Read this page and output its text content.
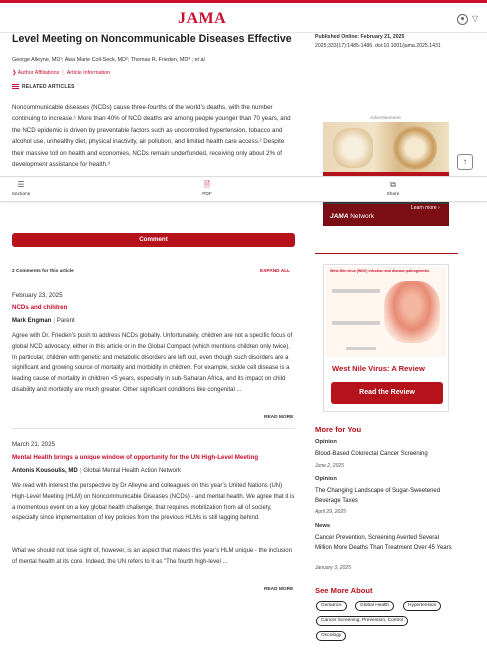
JAMA	▽
Level Meeting on Noncommunicable Diseases Effective	Published Online: February 21, 2025
2025;333(17):1485-1486. doi:10.1001/jama.2025.1431
George Alleyne, MD¹; Awa Marie Coll-Seck, MD²; Thomas R. Frieden, MD³ ; et al
❯ Author Affiliations | Article Information
RELATED ARTICLES
Noncommunicable diseases (NCDs) cause three-fourths of the world’s deaths, with the number continuing to increase.¹ More than 40% of NCD deaths are among people younger than 70 years, and the NCD epidemic is driven by preventable factors such as uncontrolled hypertension, tobacco and alcohol use, unhealthy diet, physical inactivity, air pollution, and limited health care access.² Despite their massive toll on health and economies, NCDs remain underfunded, receiving only about 2% of development assistance for health.³
Advertisement
Learn more ›
JAMA Network
↑
☰
Sections
🗎
PDF
⧉
Share
Comment
2 Comments for this article	EXPAND ALL
February 23, 2025
NCDs and children
Mark Engman | Parent
Agree with Dr. Frieden’s push to address NCDs globally. Unfortunately, children are not a specific focus of global NCD advocacy, either in this article or in the Global Compact (which mentions children only twice). In particular, children with genetic and metabolic disorders are left out, even though such disorders are a significant and growing source of mortality and morbidity in children. For example, sickle cell disease is a leading cause of mortality in children <5 years, especially in sub-Saharan Africa, and its impact on child disability and morbidity are much greater. Other significant conditions like congenital ...
READ MORE
March 21, 2025
Mental Health brings a unique window of opportunity for the UN High-Level Meeting
Antonis Kousoulis, MD | Global Mental Health Action Network
We read with interest the perspective by Dr Alleyne and colleagues on this year’s United Nations (UN) High-Level Meeting (HLM) on Noncommunicable Diseases (NCDs) - and mental health. We agree that it is a momentous event on a key global health challenge, that requires mobilization from all of society, especially since implementation of key policies from the previous HLMs is still lagging behind.
What we should not lose sight of, however, is an aspect that makes this year’s HLM unique - the inclusion of mental health at its core. Indeed, the UN refers to it as “The fourth high-level ...
READ MORE
West Nile virus (WNV) infection and disease pathogenesis
West Nile Virus: A Review
Read the Review
More for You
Opinion
Blood-Based Colorectal Cancer Screening
June 2, 2025
Opinion
The Changing Landscape of Sugar-Sweetened Beverage Taxes
April 29, 2025
News
Cancer Prevention, Screening Averted Several Million More Deaths Than Treatment Over 45 Years
January 3, 2025
See More About
Geriatrics	Global Health	Hypertension
Cancer Screening, Prevention, Control
Oncology
